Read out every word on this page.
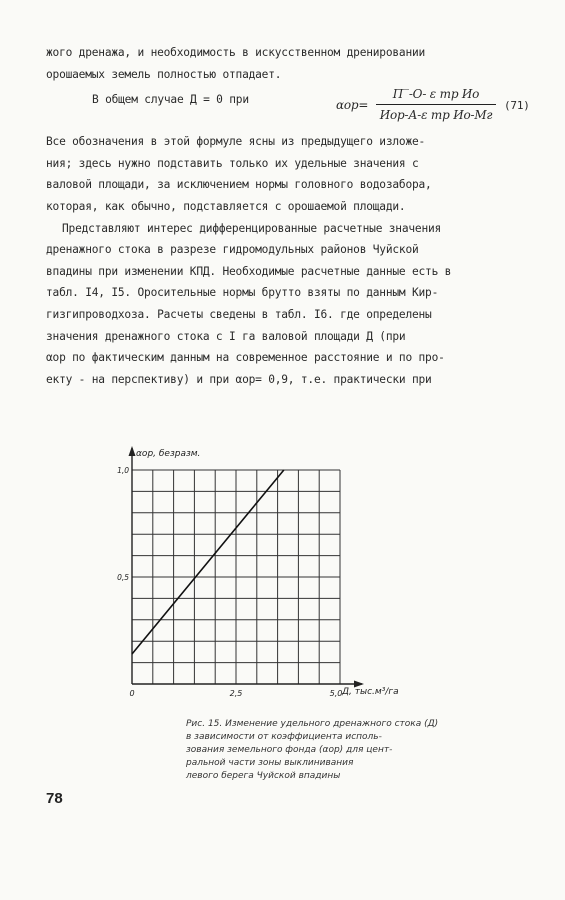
жого дренажа, и необходимость в искусственном дренировании
орошаемых земель полностью отпадает.
В общем случае Д = 0 при	αор=
П‾-О- ε тр Ио
Иор-А-ε тр Ио-Мг
(71)
Все обозначения в этой формуле ясны из предыдущего изложе-
ния; здесь нужно подставить только их удельные значения с
валовой площади, за исключением нормы головного водозабора,
которая, как обычно, подставляется с орошаемой площади.
Представляют интерес дифференцированные расчетные значения
дренажного стока в разрезе гидромодульных районов Чуйской
впадины при изменении КПД. Необходимые расчетные данные есть в
табл. I4, I5. Оросительные нормы брутто взяты по данным Кир-
гизгипроводхоза. Расчеты сведены в табл. I6. где определены
значения дренажного стока с I га валовой площади Д (при
αор по фактическим данным на современное расстояние и по про-
екту - на перспективу) и при αор= 0,9, т.е. практически при
0	2,5	5,0
0,5
1,0
αор, безразм.
Д, тыс.м³/га
Рис. 15. Изменение удельного дренажного стока (Д)
в зависимости от коэффициента исполь-
зования земельного фонда (αор) для цент-
ральной части зоны выклинивания
левого берега Чуйской впадины
78
